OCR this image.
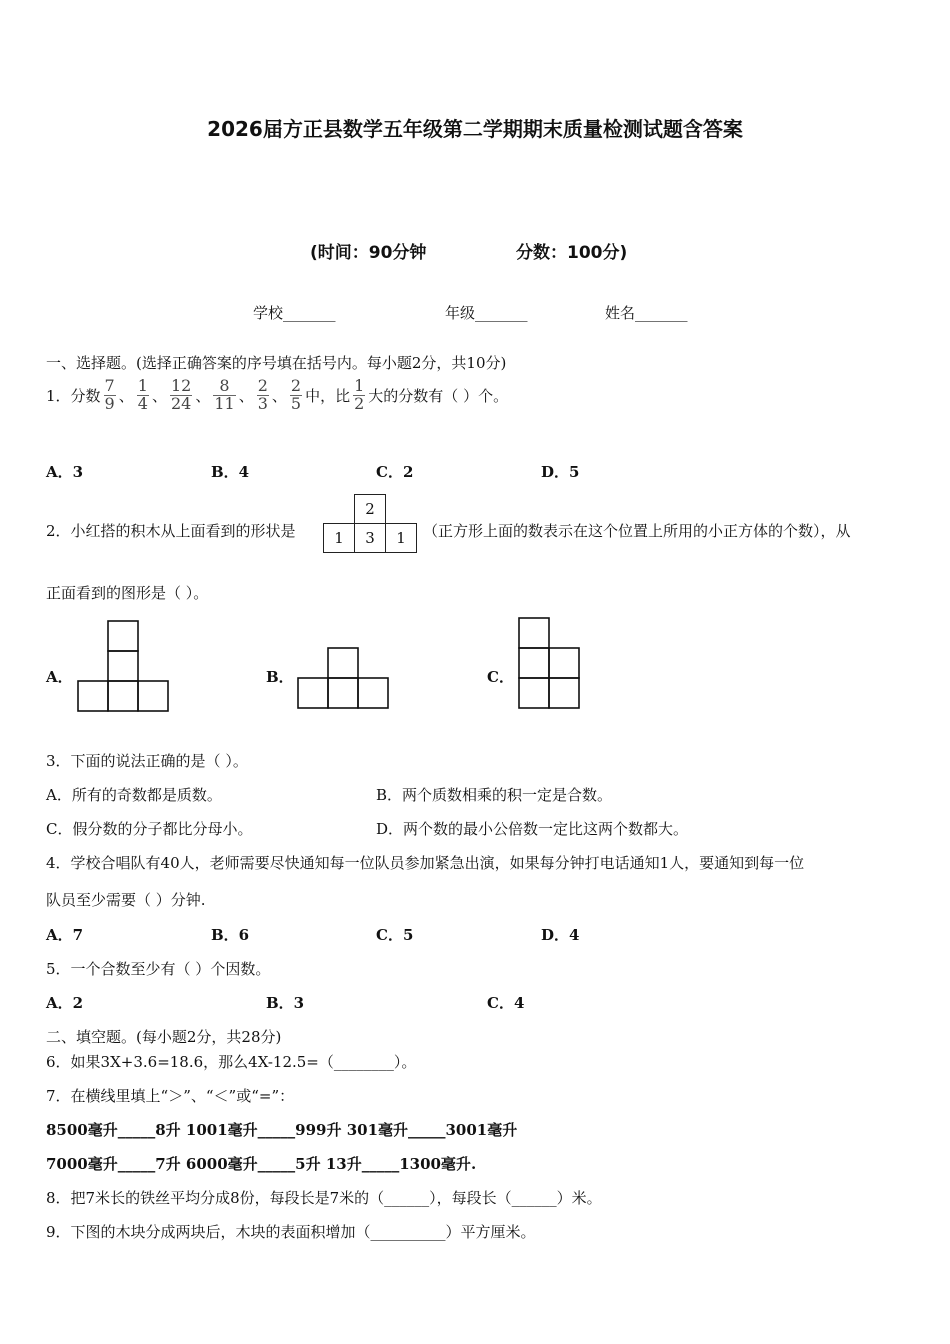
2026届方正县数学五年级第二学期期末质量检测试题含答案
(时间：90分钟	分数：100分)
学校_______	年级_______	姓名_______
一、选择题。(选择正确答案的序号填在括号内。每小题2分，共10分)
1．分数 $\frac{7}{9}$ 、 $\frac{1}{4}$ 、 $\frac{12}{24}$ 、 $\frac{8}{11}$ 、 $\frac{2}{3}$ 、 $\frac{2}{5}$ 中，比 $\frac{1}{2}$ 大的分数有（ ）个。
A．3	B．4	C．2	D．5
2．小红搭的积木从上面看到的形状是
	2	
1	3	1 （正方形上面的数表示在这个位置上所用的小正方体的个数），从
正面看到的图形是（ ）。
A．	B．	C．
3．下面的说法正确的是（ ）。
A．所有的奇数都是质数。	B．两个质数相乘的积一定是合数。
C．假分数的分子都比分母小。	D．两个数的最小公倍数一定比这两个数都大。
4．学校合唱队有40人，老师需要尽快通知每一位队员参加紧急出演，如果每分钟打电话通知1人，要通知到每一位
队员至少需要（ ）分钟.
A．7	B．6	C．5	D．4
5．一个合数至少有（ ）个因数。
A．2	B．3	C．4
二、填空题。(每小题2分，共28分)
6．如果3X+3.6=18.6，那么4X-12.5=（________）。
7．在横线里填上“＞”、“＜”或“=”：
8500毫升_____8升 1001毫升_____999升 301毫升_____3001毫升
7000毫升_____7升 6000毫升_____5升 13升_____1300毫升.
8．把7米长的铁丝平均分成8份，每段长是7米的（______），每段长（______）米。
9．下图的木块分成两块后，木块的表面积增加（__________）平方厘米。
